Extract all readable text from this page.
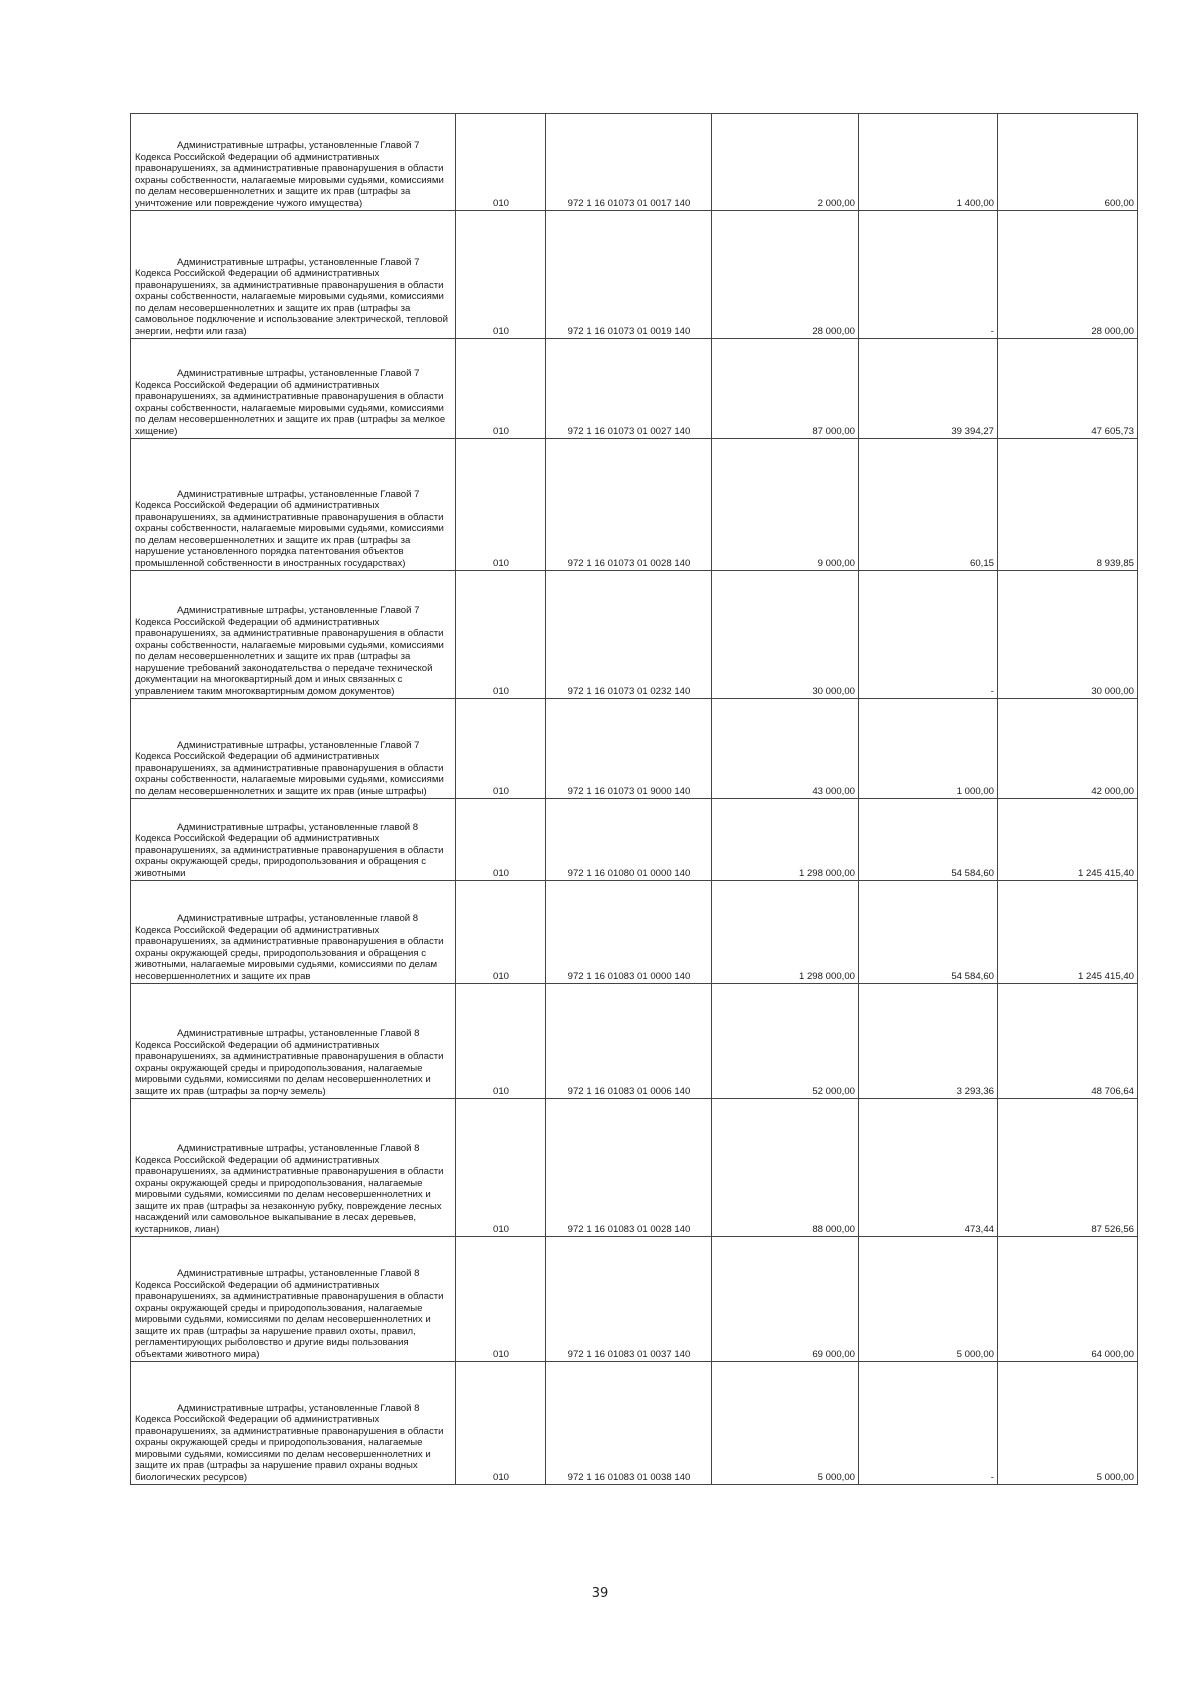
Административные штрафы, установленные Главой 7 Кодекса Российской Федерации об административных правонарушениях, за административные правонарушения в области охраны собственности, налагаемые мировыми судьями, комиссиями по делам несовершеннолетних и защите их прав (штрафы за уничтожение или повреждение чужого имущества)	010	972 1 16 01073 01 0017 140	2 000,00	1 400,00	600,00

Административные штрафы, установленные Главой 7 Кодекса Российской Федерации об административных правонарушениях, за административные правонарушения в области охраны собственности, налагаемые мировыми судьями, комиссиями по делам несовершеннолетних и защите их прав (штрафы за самовольное подключение и использование электрической, тепловой энергии, нефти или газа)	010	972 1 16 01073 01 0019 140	28 000,00	-	28 000,00

Административные штрафы, установленные Главой 7 Кодекса Российской Федерации об административных правонарушениях, за административные правонарушения в области охраны собственности, налагаемые мировыми судьями, комиссиями по делам несовершеннолетних и защите их прав (штрафы за мелкое хищение)	010	972 1 16 01073 01 0027 140	87 000,00	39 394,27	47 605,73

Административные штрафы, установленные Главой 7 Кодекса Российской Федерации об административных правонарушениях, за административные правонарушения в области охраны собственности, налагаемые мировыми судьями, комиссиями по делам несовершеннолетних и защите их прав (штрафы за нарушение установленного порядка патентования объектов промышленной собственности в иностранных государствах)	010	972 1 16 01073 01 0028 140	9 000,00	60,15	8 939,85

Административные штрафы, установленные Главой 7 Кодекса Российской Федерации об административных правонарушениях, за административные правонарушения в области охраны собственности, налагаемые мировыми судьями, комиссиями по делам несовершеннолетних и защите их прав (штрафы за нарушение требований законодательства о передаче технической документации на многоквартирный дом и иных связанных с управлением таким многоквартирным домом документов)	010	972 1 16 01073 01 0232 140	30 000,00	-	30 000,00

Административные штрафы, установленные Главой 7 Кодекса Российской Федерации об административных правонарушениях, за административные правонарушения в области охраны собственности, налагаемые мировыми судьями, комиссиями по делам несовершеннолетних и защите их прав (иные штрафы)	010	972 1 16 01073 01 9000 140	43 000,00	1 000,00	42 000,00

Административные штрафы, установленные главой 8 Кодекса Российской Федерации об административных правонарушениях, за административные правонарушения в области охраны окружающей среды, природопользования и обращения с животными	010	972 1 16 01080 01 0000 140	1 298 000,00	54 584,60	1 245 415,40

Административные штрафы, установленные главой 8 Кодекса Российской Федерации об административных правонарушениях, за административные правонарушения в области охраны окружающей среды, природопользования и обращения с животными, налагаемые мировыми судьями, комиссиями по делам несовершеннолетних и защите их прав	010	972 1 16 01083 01 0000 140	1 298 000,00	54 584,60	1 245 415,40

Административные штрафы, установленные Главой 8 Кодекса Российской Федерации об административных правонарушениях, за административные правонарушения в области охраны окружающей среды и природопользования, налагаемые мировыми судьями, комиссиями по делам несовершеннолетних и защите их прав (штрафы за порчу земель)	010	972 1 16 01083 01 0006 140	52 000,00	3 293,36	48 706,64

Административные штрафы, установленные Главой 8 Кодекса Российской Федерации об административных правонарушениях, за административные правонарушения в области охраны окружающей среды и природопользования, налагаемые мировыми судьями, комиссиями по делам несовершеннолетних и защите их прав (штрафы за незаконную рубку, повреждение лесных насаждений или самовольное выкапывание в лесах деревьев, кустарников, лиан)	010	972 1 16 01083 01 0028 140	88 000,00	473,44	87 526,56

Административные штрафы, установленные Главой 8 Кодекса Российской Федерации об административных правонарушениях, за административные правонарушения в области охраны окружающей среды и природопользования, налагаемые мировыми судьями, комиссиями по делам несовершеннолетних и защите их прав (штрафы за нарушение правил охоты, правил, регламентирующих рыболовство и другие виды пользования объектами животного мира)	010	972 1 16 01083 01 0037 140	69 000,00	5 000,00	64 000,00

Административные штрафы, установленные Главой 8 Кодекса Российской Федерации об административных правонарушениях, за административные правонарушения в области охраны окружающей среды и природопользования, налагаемые мировыми судьями, комиссиями по делам несовершеннолетних и защите их прав (штрафы за нарушение правил охраны водных биологических ресурсов)	010	972 1 16 01083 01 0038 140	5 000,00	-	5 000,00
39
